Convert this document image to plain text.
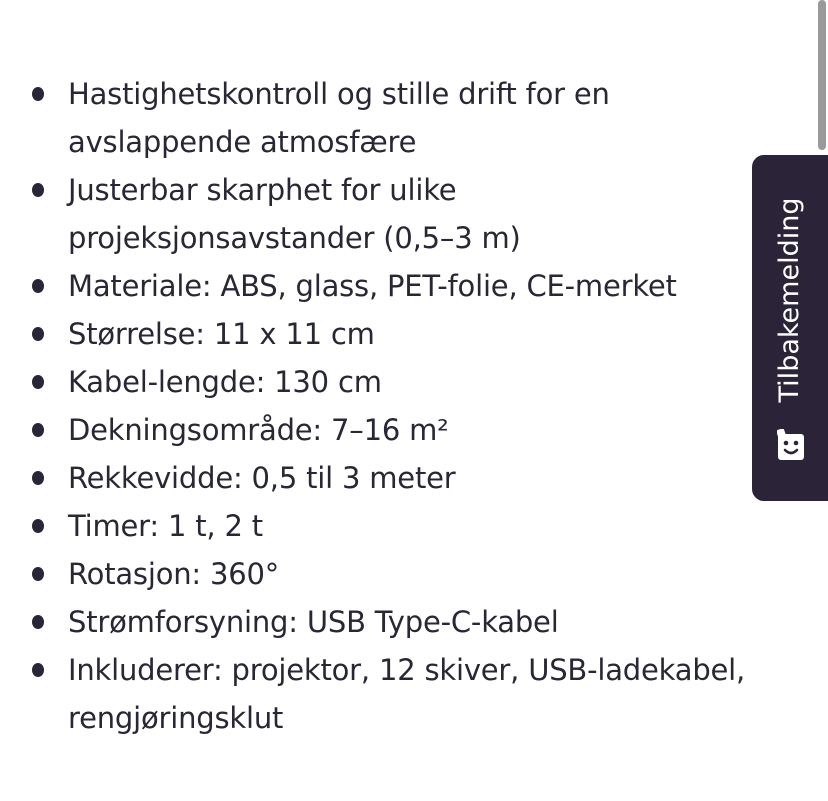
Hastighetskontroll og stille drift for en avslappende atmosfære
Justerbar skarphet for ulike projeksjonsavstander (0,5–3 m)
Materiale: ABS, glass, PET-folie, CE-merket
Størrelse: 11 x 11 cm
Kabel-lengde: 130 cm
Dekningsområde: 7–16 m²
Rekkevidde: 0,5 til 3 meter
Timer: 1 t, 2 t
Rotasjon: 360°
Strømforsyning: USB Type-C-kabel
Inkluderer: projektor, 12 skiver, USB-ladekabel, rengjøringsklut
Tilbakemelding
